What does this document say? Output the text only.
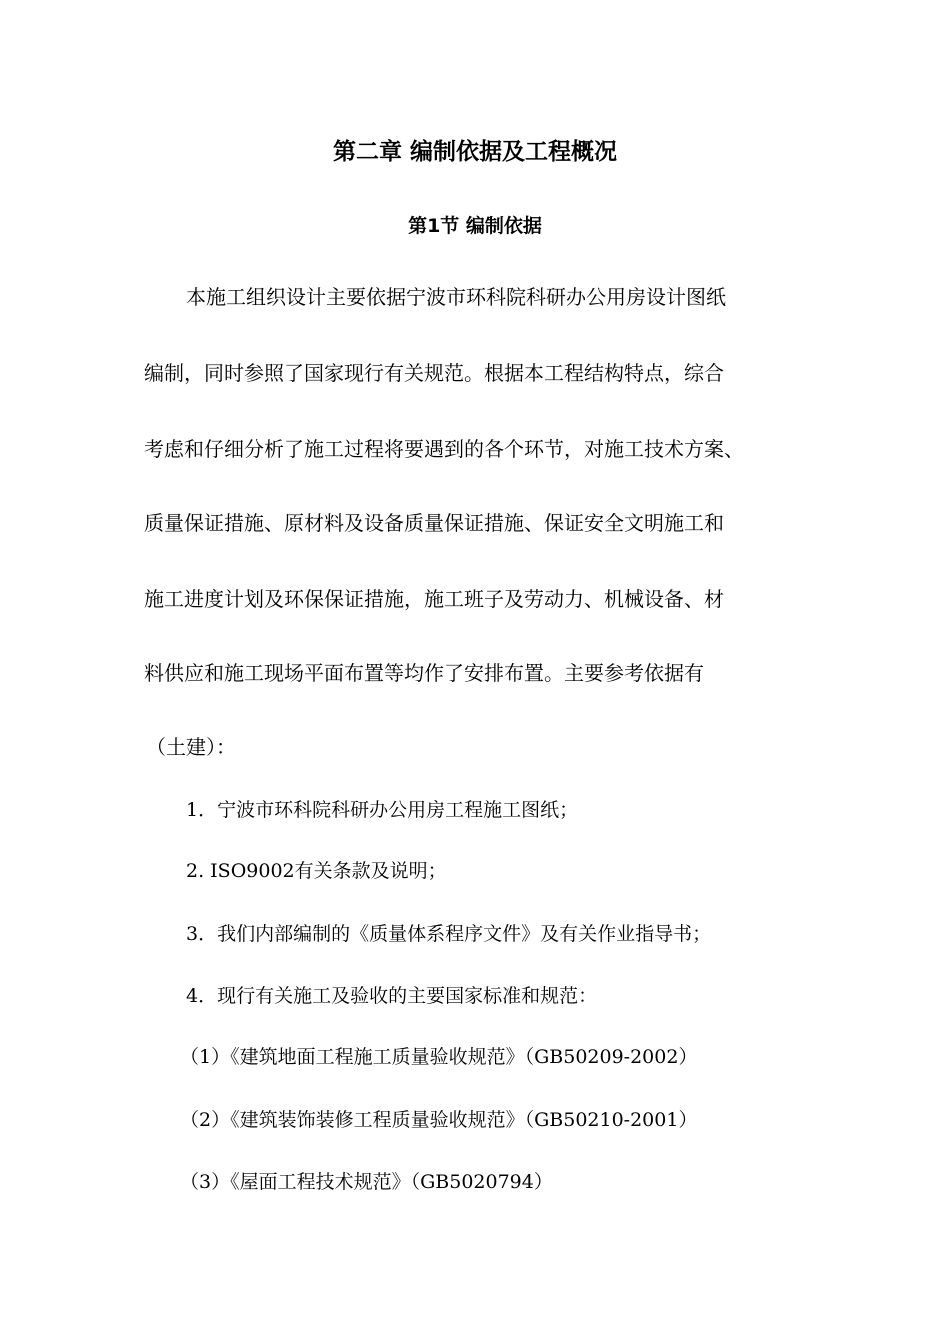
第二章 编制依据及工程概况
第1节 编制依据
本施工组织设计主要依据宁波市环科院科研办公用房设计图纸
编制，同时参照了国家现行有关规范。根据本工程结构特点，综合
考虑和仔细分析了施工过程将要遇到的各个环节，对施工技术方案、
质量保证措施、原材料及设备质量保证措施、保证安全文明施工和
施工进度计划及环保保证措施，施工班子及劳动力、机械设备、材
料供应和施工现场平面布置等均作了安排布置。主要参考依据有
（土建）：
1．宁波市环科院科研办公用房工程施工图纸；
2. ISO9002有关条款及说明；
3．我们内部编制的《质量体系程序文件》及有关作业指导书；
4．现行有关施工及验收的主要国家标准和规范：
（1）《建筑地面工程施工质量验收规范》（GB50209-2002）
（2）《建筑装饰装修工程质量验收规范》（GB50210-2001）
（3）《屋面工程技术规范》（GB5020794）
